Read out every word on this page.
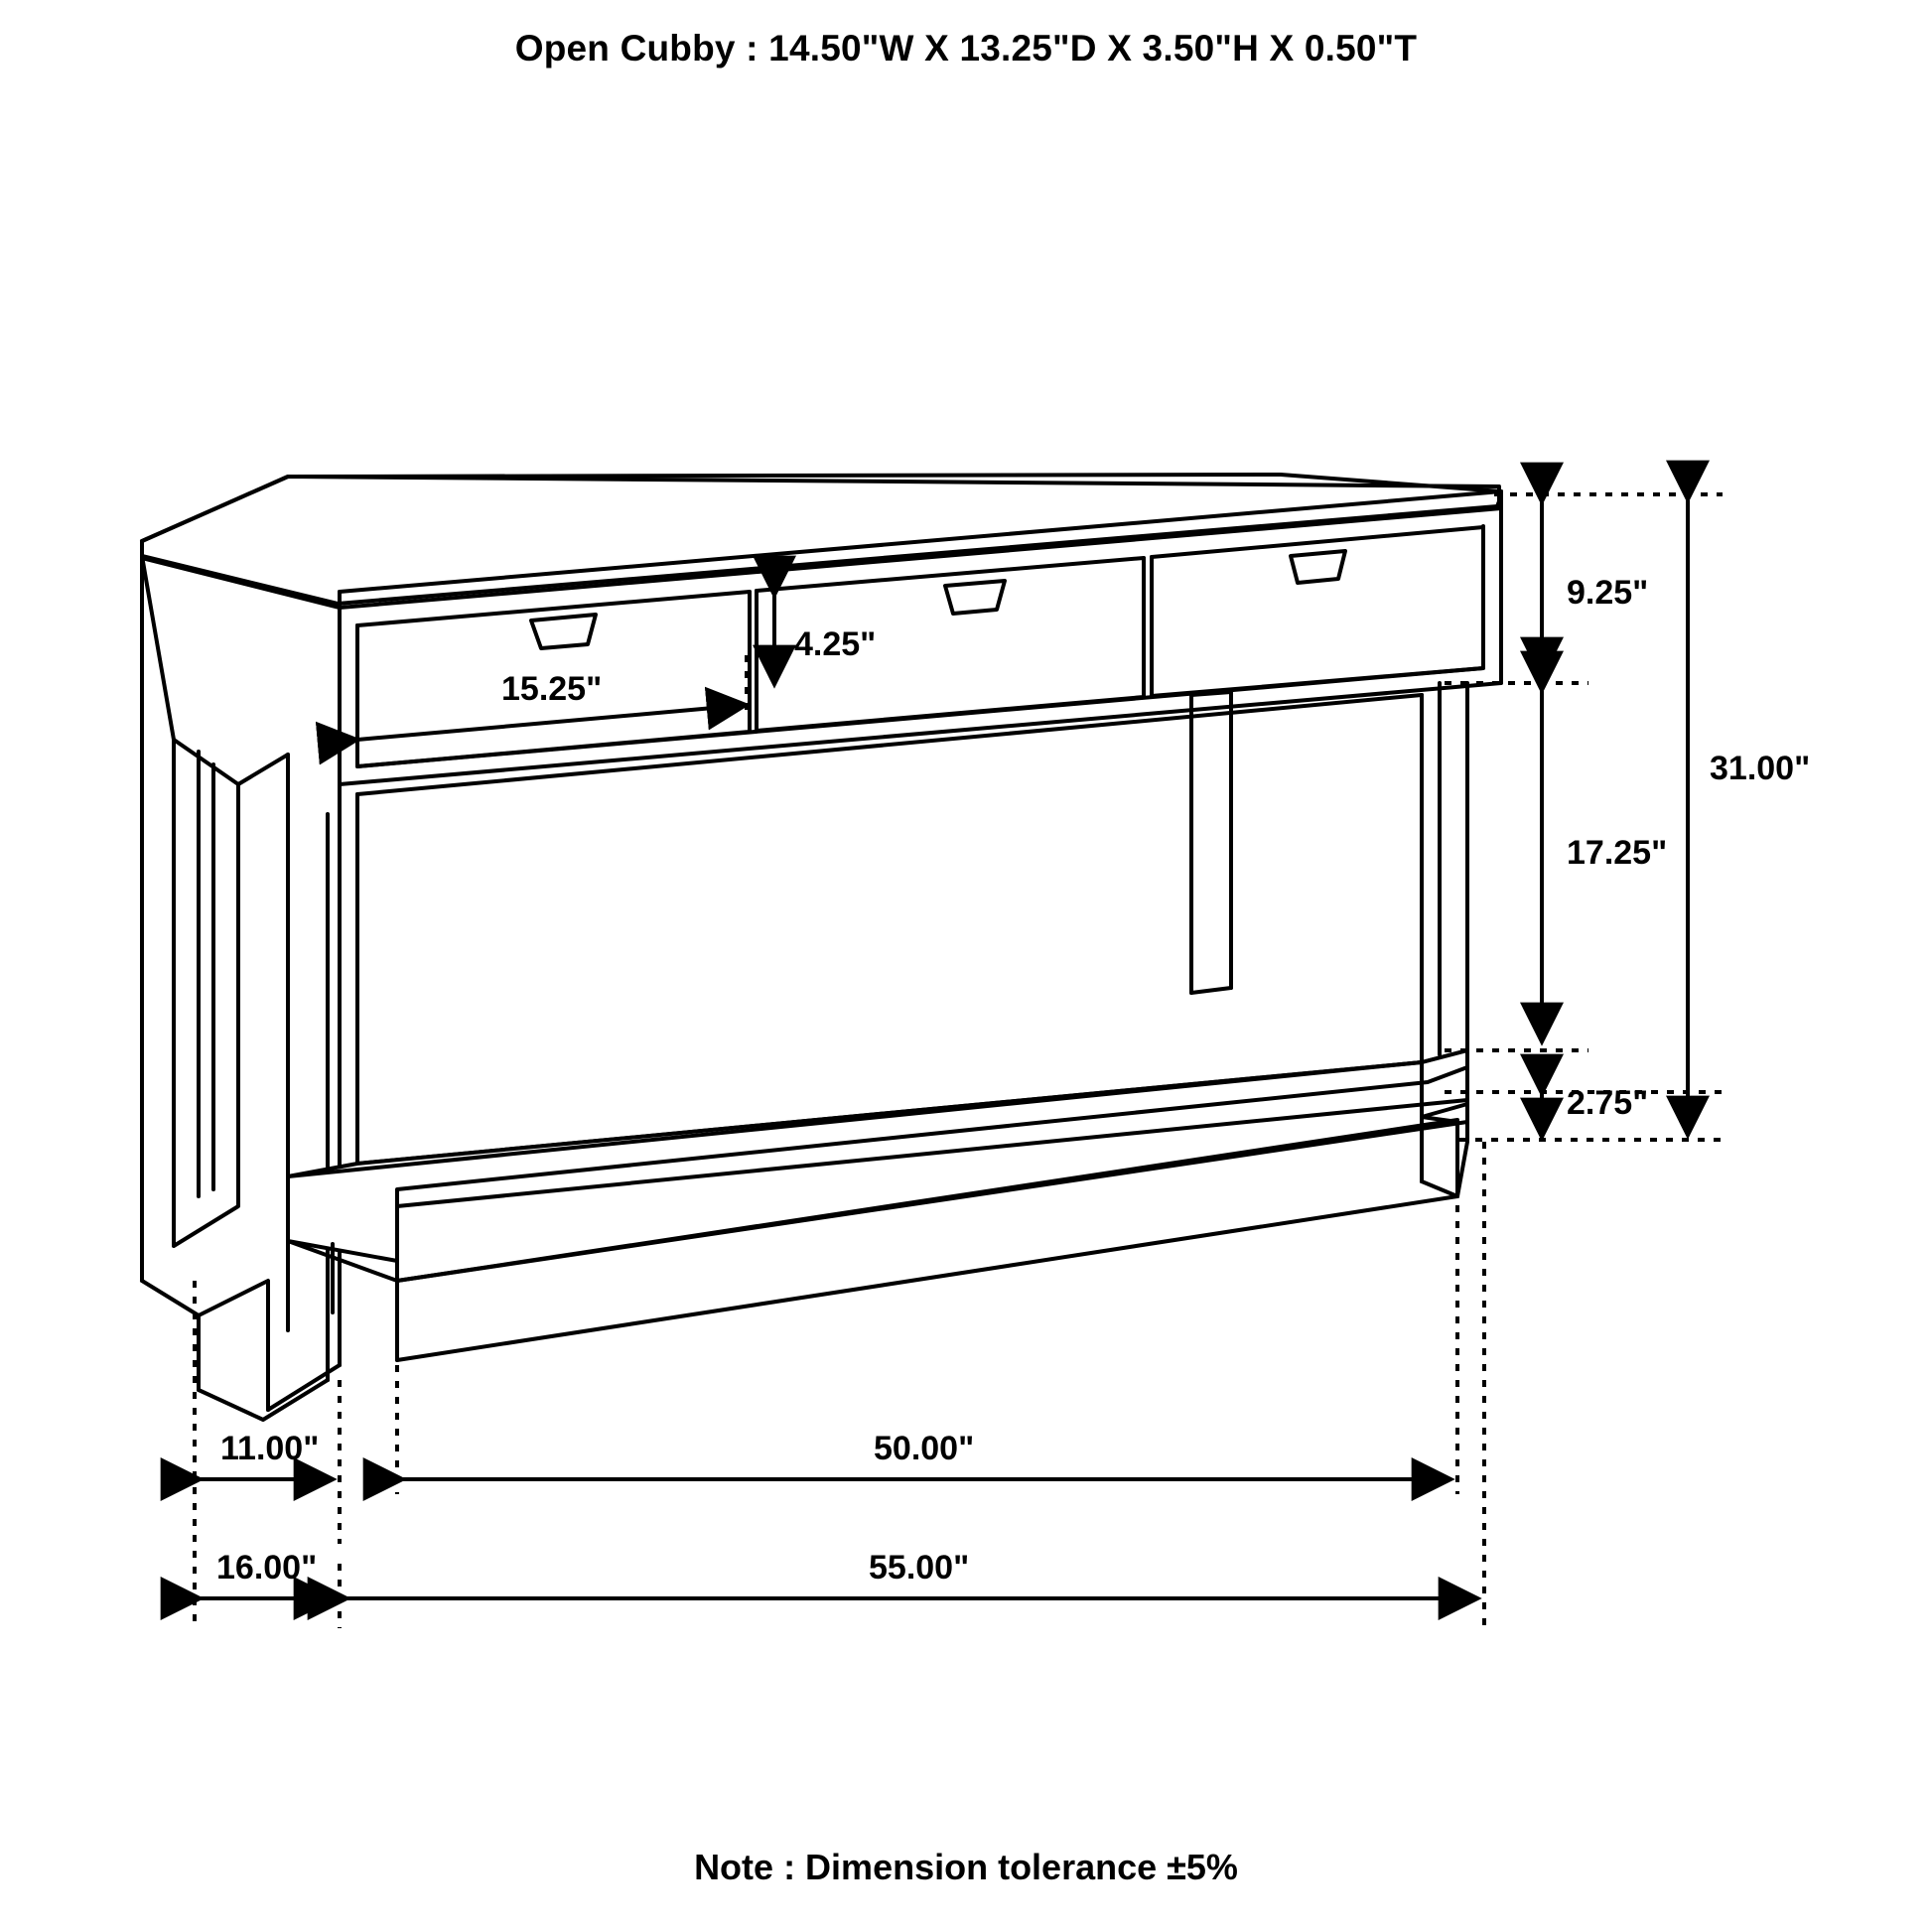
Open Cubby : 14.50"W X 13.25"D X 3.50"H X 0.50"T
9.25"
17.25"
2.75"
31.00"
15.25"
4.25"
11.00"	50.00"
16.00"	55.00"
Note : Dimension tolerance ±5%
